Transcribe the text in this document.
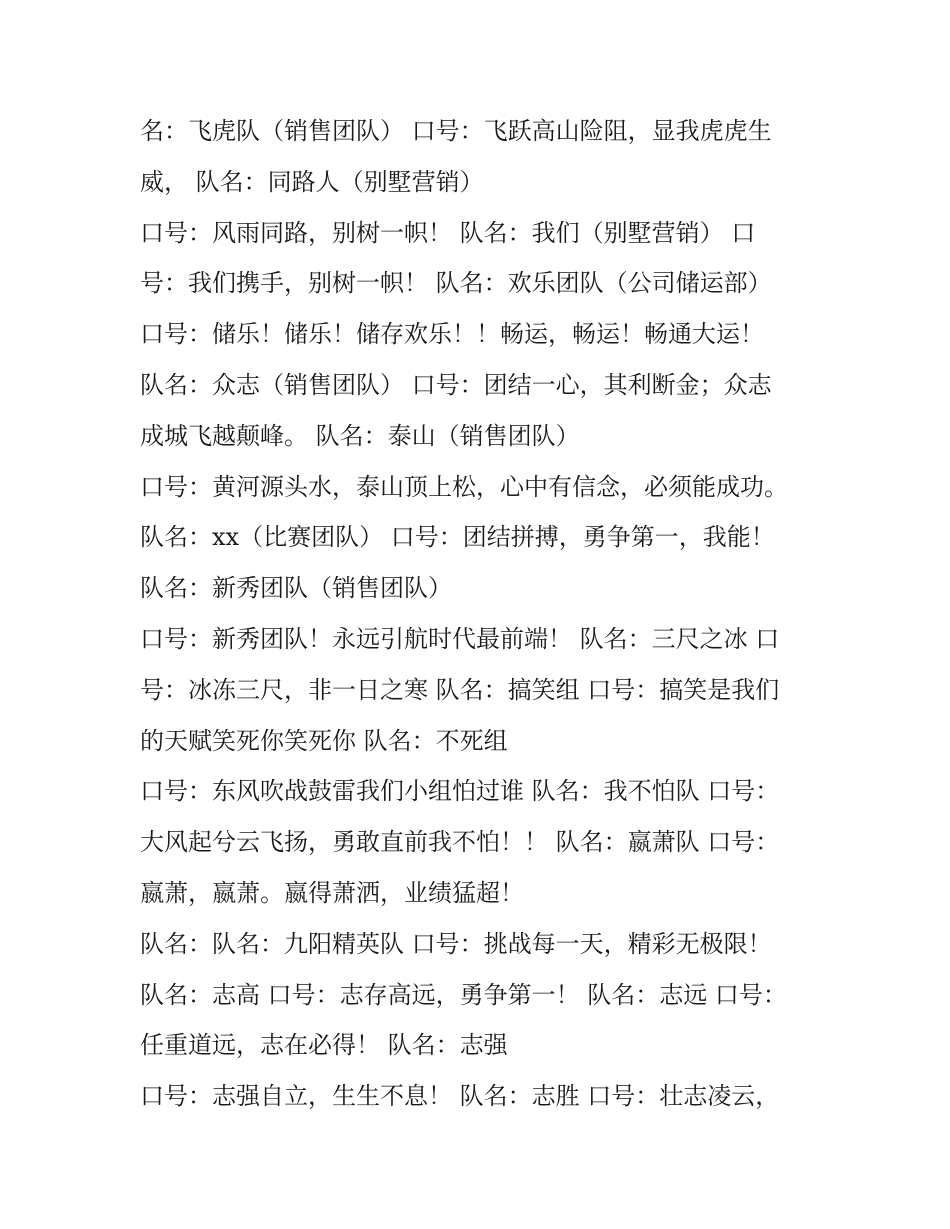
名：飞虎队（销售团队） 口号：飞跃高山险阻，显我虎虎生
威， 队名：同路人（别墅营销）
口号：风雨同路，别树一帜！ 队名：我们（别墅营销） 口
号：我们携手，别树一帜！ 队名：欢乐团队（公司储运部）
口号：储乐！储乐！储存欢乐！！畅运，畅运！畅通大运！
队名：众志（销售团队） 口号：团结一心，其利断金；众志
成城飞越颠峰。 队名：泰山（销售团队）
口号：黄河源头水，泰山顶上松，心中有信念，必须能成功。
队名：xx（比赛团队） 口号：团结拼搏，勇争第一，我能！
队名：新秀团队（销售团队）
口号：新秀团队！永远引航时代最前端！ 队名：三尺之冰 口
号：冰冻三尺，非一日之寒 队名：搞笑组 口号：搞笑是我们
的天赋笑死你笑死你 队名：不死组
口号：东风吹战鼓雷我们小组怕过谁 队名：我不怕队 口号：
大风起兮云飞扬，勇敢直前我不怕！！ 队名：嬴萧队 口号：
嬴萧，嬴萧。嬴得萧洒，业绩猛超！
队名：队名：九阳精英队 口号：挑战每一天，精彩无极限！
队名：志高 口号：志存高远，勇争第一！ 队名：志远 口号：
任重道远，志在必得！ 队名：志强
口号：志强自立，生生不息！ 队名：志胜 口号：壮志凌云，
